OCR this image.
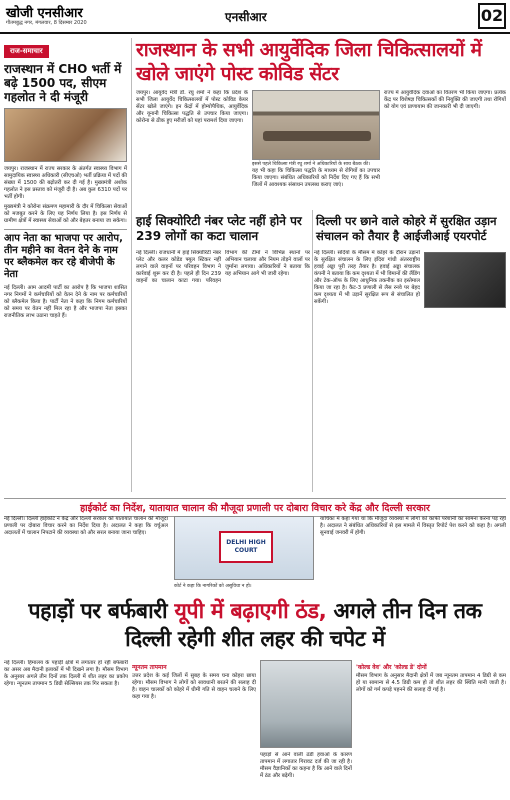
खोजी एनसीआर
गौतमबुद्ध नगर, मंगलवार, 8 दिसम्बर 2020	एनसीआर	02
राज-समाचार
राजस्थान में CHO भर्ती में बढ़े 1500 पद, सीएम गहलोत ने दी मंजूरी

जयपुर। राजस्थान में राज्य सरकार के अंतर्गत स्वास्थ्य विभाग में सामुदायिक स्वास्थ्य अधिकारी (सीएचओ) भर्ती प्रक्रिया में पदों की संख्या में 1500 की बढ़ोतरी कर दी गई है। मुख्यमंत्री अशोक गहलोत ने इस प्रस्ताव को मंजूरी दी है। अब कुल 6310 पदों पर भर्ती होगी।

मुख्यमंत्री ने कोरोना संक्रमण महामारी के दौर में चिकित्सा सेवाओं को मजबूत करने के लिए यह निर्णय लिया है। इस निर्णय से ग्रामीण क्षेत्रों में स्वास्थ्य सेवाओं को और बेहतर बनाया जा सकेगा।

आप नेता का भाजपा पर आरोप, तीन महीने का वेतन देने के नाम पर ब्लैकमेल कर रहे बीजेपी के नेता

नई दिल्ली। आम आदमी पार्टी का आरोप है कि भाजपा शासित नगर निगमों ने कर्मचारियों को वेतन देने के नाम पर कर्मचारियों को ब्लैकमेल किया है। पार्टी नेता ने कहा कि निगम कर्मचारियों को समय पर वेतन नहीं मिल रहा है और भाजपा नेता इसका राजनीतिक लाभ उठाना चाहते हैं।

राजस्थान के सभी आयुर्वेदिक जिला चिकित्सालयों में खोले जाएंगे पोस्ट कोविड सेंटर
जयपुर। आयुर्वेद मंत्री डॉ. रघु शर्मा ने कहा कि प्रदेश के सभी जिला आयुर्वेद चिकित्सालयों में पोस्ट कोविड केयर सेंटर खोले जाएंगे। इन केंद्रों में होम्योपैथिक, आयुर्वेदिक और यूनानी चिकित्सा पद्धति से उपचार किया जाएगा। कोरोना से ठीक हुए मरीजों को यहां परामर्श दिया जाएगा।
इससे पहले चिकित्सा मंत्री रघु शर्मा ने अधिकारियों के साथ बैठक की।
यह भी कहा कि चिकित्सा पद्धति के माध्यम से रोगियों का उपचार किया जाएगा। संबंधित अधिकारियों को निर्देश दिए गए हैं कि सभी जिलों में आवश्यक संसाधन उपलब्ध कराए जाएं।
राज्य में आयुर्वेदिक दवाओं का वितरण भी किया जाएगा। प्रत्येक केंद्र पर विशेषज्ञ चिकित्सकों की नियुक्ति की जाएगी तथा रोगियों को योग एवं प्राणायाम की जानकारी भी दी जाएगी।
हाई सिक्योरिटी नंबर प्लेट नहीं होने पर 239 लोगों का कटा चालान
दिल्ली पर छाने वाले कोहरे में सुरक्षित उड़ान संचालन को तैयार है आईजीआई एयरपोर्ट
नई दिल्ली। राजधानी में हाई सिक्योरिटी नंबर प्लेट और कलर कोडेड फ्यूल स्टिकर नहीं लगाने वाले वाहनों पर परिवहन विभाग ने कार्रवाई शुरू कर दी है। पहले ही दिन 239 वाहनों का चालान काटा गया। परिवहन विभाग की टीमों ने विभिन्न स्थानों पर अभियान चलाया और नियम तोड़ने वालों पर जुर्माना लगाया। अधिकारियों ने बताया कि यह अभियान आगे भी जारी रहेगा।
नई दिल्ली। सर्दियों के मौसम में कोहरे के दौरान उड़ानों के सुरक्षित संचालन के लिए इंदिरा गांधी अंतरराष्ट्रीय हवाई अड्डा पूरी तरह तैयार है। हवाई अड्डा संचालक कंपनी ने बताया कि कम दृश्यता में भी विमानों की लैंडिंग और टेक-ऑफ के लिए आधुनिक तकनीक का इस्तेमाल किया जा रहा है। कैट-3 प्रणाली से लैस रनवे पर बेहद कम दृश्यता में भी उड़ानें सुरक्षित रूप से संचालित हो सकेंगी।
हाईकोर्ट का निर्देश, यातायात चालान की मौजूदा प्रणाली पर दोबारा विचार करे केंद्र और दिल्ली सरकार
नई दिल्ली। दिल्ली हाईकोर्ट ने केंद्र और दिल्ली सरकार को यातायात चालान की मौजूदा प्रणाली पर दोबारा विचार करने का निर्देश दिया है। अदालत ने कहा कि वर्चुअल अदालतों में चालान निपटाने की व्यवस्था को और सरल बनाया जाना चाहिए।
DELHI HIGH COURT
कोर्ट ने कहा कि नागरिकों को असुविधा न हो।
याचिका में कहा गया था कि मौजूदा व्यवस्था में लोगों को काफी परेशानी का सामना करना पड़ रहा है। अदालत ने संबंधित अधिकारियों से इस मामले में विस्तृत रिपोर्ट पेश करने को कहा है। अगली सुनवाई जनवरी में होगी।
पहाड़ों पर बर्फबारी यूपी में बढ़ाएगी ठंड, अगले तीन दिन तक दिल्ली रहेगी शीत लहर की चपेट में
नई दिल्ली। हिमालय के पहाड़ी क्षेत्रों में लगातार हो रही बर्फबारी का असर अब मैदानी इलाकों में भी दिखने लगा है। मौसम विभाग के अनुसार अगले तीन दिनों तक दिल्ली में शीत लहर का प्रकोप रहेगा। न्यूनतम तापमान 5 डिग्री सेल्सियस तक गिर सकता है।
न्यूनतम तापमान
उत्तर प्रदेश के कई जिलों में सुबह के समय घना कोहरा छाया रहेगा। मौसम विभाग ने लोगों को सावधानी बरतने की सलाह दी है। वाहन चालकों को कोहरे में धीमी गति से वाहन चलाने के लिए कहा गया है।
पहाड़ों से आने वाली ठंडी हवाओं के कारण तापमान में लगातार गिरावट दर्ज की जा रही है। मौसम वैज्ञानिकों का कहना है कि आने वाले दिनों में ठंड और बढ़ेगी।
'कोल्ड वेव' और 'कोल्ड डे' दोनों
मौसम विभाग के अनुसार मैदानी क्षेत्रों में जब न्यूनतम तापमान 4 डिग्री से कम हो या सामान्य से 4.5 डिग्री कम हो तो शीत लहर की स्थिति मानी जाती है। लोगों को गर्म कपड़े पहनने की सलाह दी गई है।
